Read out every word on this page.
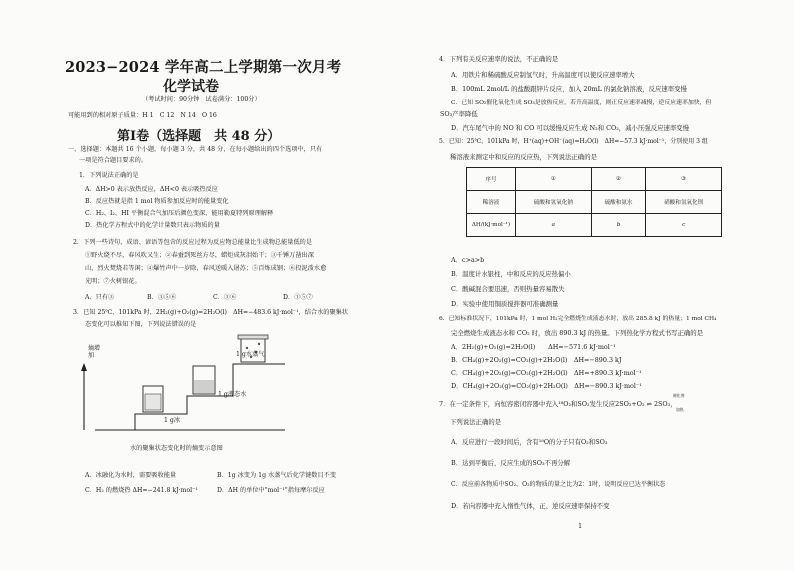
2023−2024 学年高二上学期第一次月考
化学试卷
（考试时间：90分钟　试卷满分：100分）
可能用到的相对原子质量：H 1　C 12　N 14　O 16
第Ⅰ卷（选择题　共 48 分）
一、选择题：本题共 16 个小题，每小题 3 分，共 48 分，在每小题给出的四个选项中，只有
一项是符合题目要求的。
1．下列说法正确的是
A．ΔH>0 表示放热反应，ΔH<0 表示吸热反应
B．反应热就是指 1 mol 物质参加反应时的能量变化
C．H₂、I₂、HI 平衡混合气加压后颜色变深，能用勒夏特列原理解释
D．热化学方程式中的化学计量数只表示物质的量
2．下列一些诗句、成语、谚语等包含的反应过程为反应物总能量比生成物总能量低的是
①野火烧不尽，春风吹又生；②春蚕到死丝方尽，蜡炬成灰泪始干；③千锤万凿出深
山，烈火焚烧若等闲；④爆竹声中一岁除，春风送暖入屠苏；⑤百炼成钢；⑥投泥泼水愈
光明；⑦火树银花。
A．只有③	B．③⑤⑥	C．③⑥	D．①⑤⑦
3．已知 25℃、101kPa 时，2H₂(g)+O₂(g)=2H₂O(l)　ΔH=−483.6 kJ·mol⁻¹，结合水的聚集状
态变化可以推知下图，下列说法错误的是
熵增加	1 g水蒸气
1 g液态水
1 g冰
水的聚集状态变化时的熵变示意图
A．冰融化为水时，需要吸收能量	B．1g 冰变为 1g 水蒸气后化学键数目不变
C．H₂ 的燃烧热 ΔH=−241.8 kJ·mol⁻¹	D．ΔH 的单位中"mol⁻¹"指每摩尔反应
4．下列有关反应速率的说法，不正确的是
A．用铁片和稀硫酸反应制氢气时，升高温度可以使反应速率增大
B．100mL 2mol/L 的盐酸跟锌片反应，加入 20mL 的氯化钠溶液，反应速率变慢
C．已知 SO₂催化氧化生成 SO₃是放热反应，若升高温度，则正反应速率减慢，逆反应速率加快，但
SO₃产率降低
D．汽车尾气中的 NO 和 CO 可以缓慢反应生成 N₂和 CO₂，减小压强反应速率变慢
5．已知：25℃、101kPa 时，H⁺(aq)+OH⁻(aq)=H₂O(l)　ΔH=−57.3 kJ·mol⁻¹，分别使用 3 组
稀溶液来测定中和反应的反应热，下列说法正确的是
序号	①	②	③
稀溶液	硫酸和氢氧化钠	硫酸和氨水	硝酸和氢氧化钡
ΔH/(kJ·mol⁻¹)	a	b	c
A．c>a>b
B．温度计水银柱，中和反应的反应热偏小
C．酸碱混合要迅速，否则热量容易散失
D．实验中使用铜质搅拌器可准确测量
6．已知标准状况下，101kPa 时，1 mol H₂完全燃烧生成液态水时，放出 285.8 kJ 的热量；1 mol CH₄
完全燃烧生成液态水和 CO₂ 时，放出 890.3 kJ 的热量。下列热化学方程式书写正确的是
A．2H₂(g)+O₂(g)=2H₂O(l)　　ΔH=−571.6 kJ·mol⁻¹
B．CH₄(g)+2O₂(g)=CO₂(g)+2H₂O(l)　ΔH=−890.3 kJ
C．CH₄(g)+2O₂(g)=CO₂(g)+2H₂O(l)　ΔH=+890.3 kJ·mol⁻¹
D．CH₄(g)+2O₂(g)=CO₂(g)+2H₂O(l)　ΔH=−890.3 kJ·mol⁻¹
7．在一定条件下，向恒容密闭容器中充入¹⁸O₂和SO₂发生反应2SO₂+O₂ ⇌ 2SO₃，
催化剂
加热
下列说法正确的是
A．反应进行一段时间后，含有¹⁸O的分子只有O₂和SO₃
B．达到平衡后，反应生成的SO₃不再分解
C．反应前各物质中SO₂、O₂的物质的量之比为2：1时，说明反应已达平衡状态
D．若向容器中充入惰性气体，正、逆反应速率保持不变
1
